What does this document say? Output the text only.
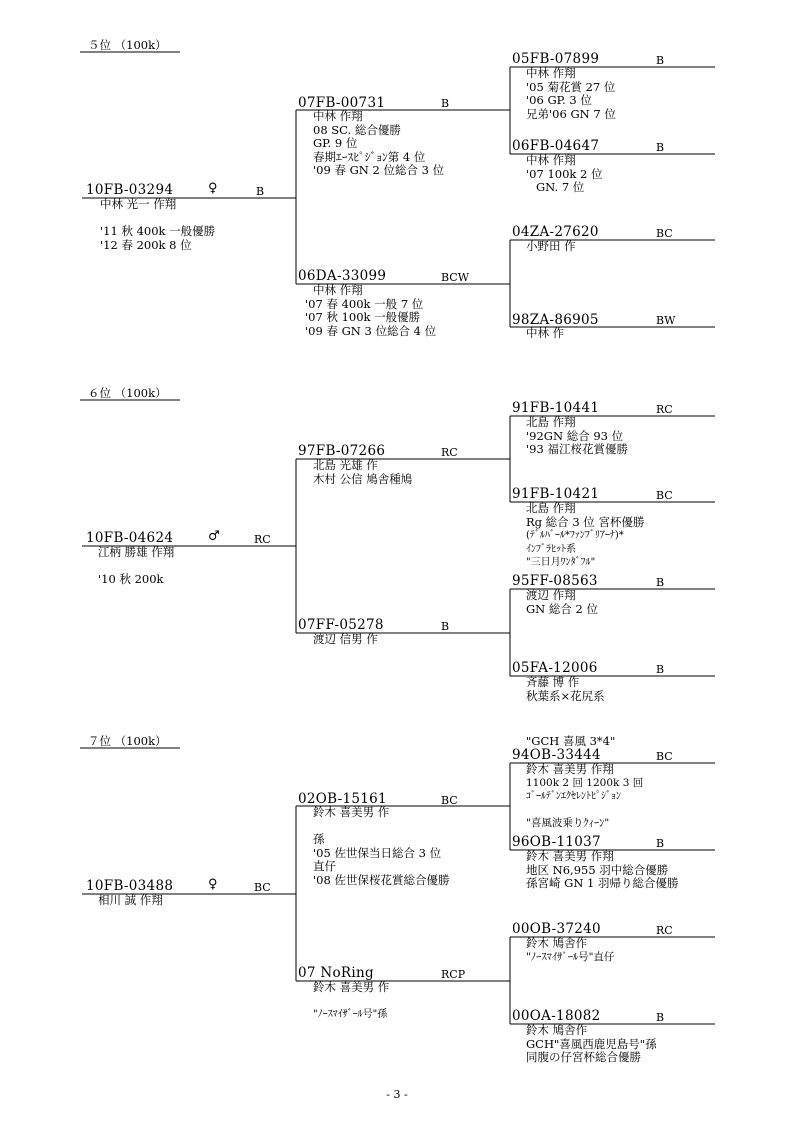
５位 （100k）
10FB-03294	♀	B
中林 光一 作翔
'11 秋 400k 一般優勝
'12 春 200k 8 位
07FB-00731	B
中林 作翔
08 SC. 総合優勝
GP. 9 位
春期ｴｰｽﾋﾟｼﾞｮﾝ第 4 位
'09 春 GN 2 位総合 3 位
06DA-33099	BCW
中林 作翔
'07 春 400k 一般 7 位
'07 秋 100k 一般優勝
'09 春 GN 3 位総合 4 位
05FB-07899	B
中林 作翔
'05 菊花賞 27 位
'06 GP. 3 位
兄弟'06 GN 7 位
06FB-04647	B
中林 作翔
'07 100k 2 位
GN. 7 位
04ZA-27620	BC
小野田 作
98ZA-86905	BW
中林 作
６位 （100k）
10FB-04624	♂	RC
江柄 勝雄 作翔
'10 秋 200k
97FB-07266	RC
北島 光雄 作
木村 公信 鳩舎種鳩
07FF-05278	B
渡辺 信男 作
91FB-10441	RC
北島 作翔
'92GN 総合 93 位
'93 福江桜花賞優勝
91FB-10421	BC
北島 作翔
Rg 総合 3 位 宮杯優勝
(ﾃﾞﾙﾊﾞｰﾙ*ﾌｧﾝﾌﾞﾘｱｰﾅ)*
ｲﾝﾌﾞﾗﾋｯﾄ系
"三日月ﾜﾝﾀﾞﾌﾙ"
95FF-08563	B
渡辺 作翔
GN 総合 2 位
05FA-12006	B
斉藤 博 作
秋葉系×花尻系
７位 （100k）
10FB-03488	♀	BC
相川 誠 作翔
02OB-15161	BC
鈴木 喜美男 作
孫
'05 佐世保当日総合 3 位
直仔
'08 佐世保桜花賞総合優勝
07 NoRing	RCP
鈴木 喜美男 作
"ﾉｰｽﾏｲｻﾞｰﾙ号"孫
"GCH 喜風 3*4"
94OB-33444	BC
鈴木 喜美男 作翔
1100k 2 回 1200k 3 回
ｺﾞｰﾙﾃﾞﾝｴｸｾﾚﾝﾄﾋﾟｼﾞｮﾝ
"喜風波乗りｸｨｰﾝ"
96OB-11037	B
鈴木 喜美男 作翔
地区 N6,955 羽中総合優勝
孫宮崎 GN 1 羽帰り総合優勝
00OB-37240	RC
鈴木 鳩舎作
"ﾉｰｽﾏｲｻﾞｰﾙ号"直仔
00OA-18082	B
鈴木 鳩舎作
GCH"喜風西鹿児島号"孫
同腹の仔宮杯総合優勝
- 3 -
